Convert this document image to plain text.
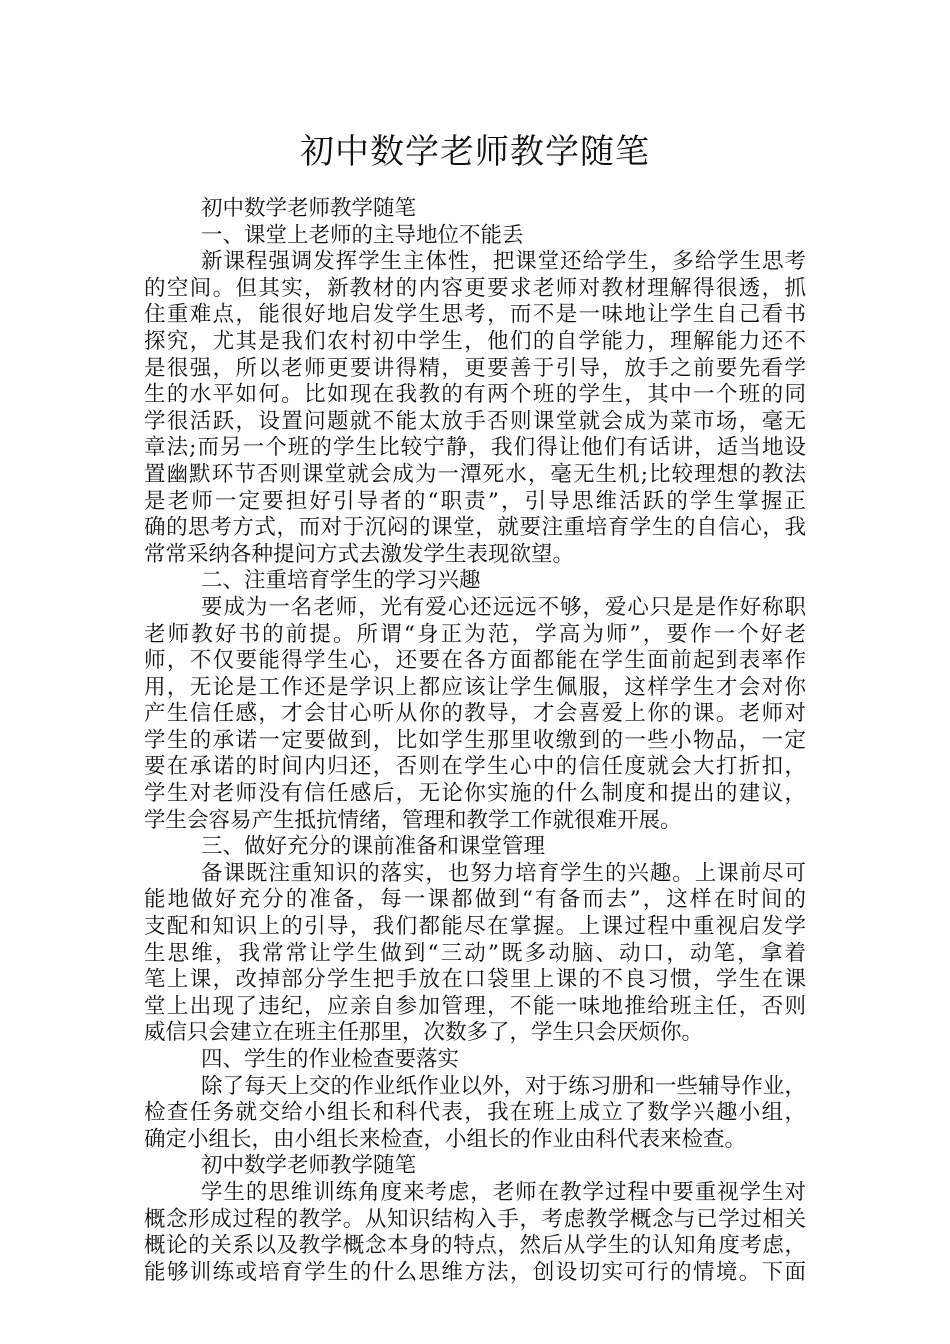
初中数学老师教学随笔
初中数学老师教学随笔
一、课堂上老师的主导地位不能丢
新课程强调发挥学生主体性，把课堂还给学生，多给学生思考
的空间。但其实，新教材的内容更要求老师对教材理解得很透，抓
住重难点，能很好地启发学生思考，而不是一味地让学生自己看书
探究，尤其是我们农村初中学生，他们的自学能力，理解能力还不
是很强，所以老师更要讲得精，更要善于引导，放手之前要先看学
生的水平如何。比如现在我教的有两个班的学生，其中一个班的同
学很活跃，设置问题就不能太放手否则课堂就会成为菜市场，毫无
章法;而另一个班的学生比较宁静，我们得让他们有话讲，适当地设
置幽默环节否则课堂就会成为一潭死水，毫无生机;比较理想的教法
是老师一定要担好引导者的“职责”，引导思维活跃的学生掌握正
确的思考方式，而对于沉闷的课堂，就要注重培育学生的自信心，我
常常采纳各种提问方式去激发学生表现欲望。
二、注重培育学生的学习兴趣
要成为一名老师，光有爱心还远远不够，爱心只是是作好称职
老师教好书的前提。所谓“身正为范，学高为师”，要作一个好老
师，不仅要能得学生心，还要在各方面都能在学生面前起到表率作
用，无论是工作还是学识上都应该让学生佩服，这样学生才会对你
产生信任感，才会甘心听从你的教导，才会喜爱上你的课。老师对
学生的承诺一定要做到，比如学生那里收缴到的一些小物品，一定
要在承诺的时间内归还，否则在学生心中的信任度就会大打折扣，
学生对老师没有信任感后，无论你实施的什么制度和提出的建议，
学生会容易产生抵抗情绪，管理和教学工作就很难开展。
三、做好充分的课前准备和课堂管理
备课既注重知识的落实，也努力培育学生的兴趣。上课前尽可
能地做好充分的准备，每一课都做到“有备而去”，这样在时间的
支配和知识上的引导，我们都能尽在掌握。上课过程中重视启发学
生思维，我常常让学生做到“三动”既多动脑、动口，动笔，拿着
笔上课，改掉部分学生把手放在口袋里上课的不良习惯，学生在课
堂上出现了违纪，应亲自参加管理，不能一味地推给班主任，否则
威信只会建立在班主任那里，次数多了，学生只会厌烦你。
四、学生的作业检查要落实
除了每天上交的作业纸作业以外，对于练习册和一些辅导作业，
检查任务就交给小组长和科代表，我在班上成立了数学兴趣小组，
确定小组长，由小组长来检查，小组长的作业由科代表来检查。
初中数学老师教学随笔
学生的思维训练角度来考虑，老师在教学过程中要重视学生对
概念形成过程的教学。从知识结构入手，考虑教学概念与已学过相关
概论的关系以及教学概念本身的特点，然后从学生的认知角度考虑，
能够训练或培育学生的什么思维方法，创设切实可行的情境。下面
